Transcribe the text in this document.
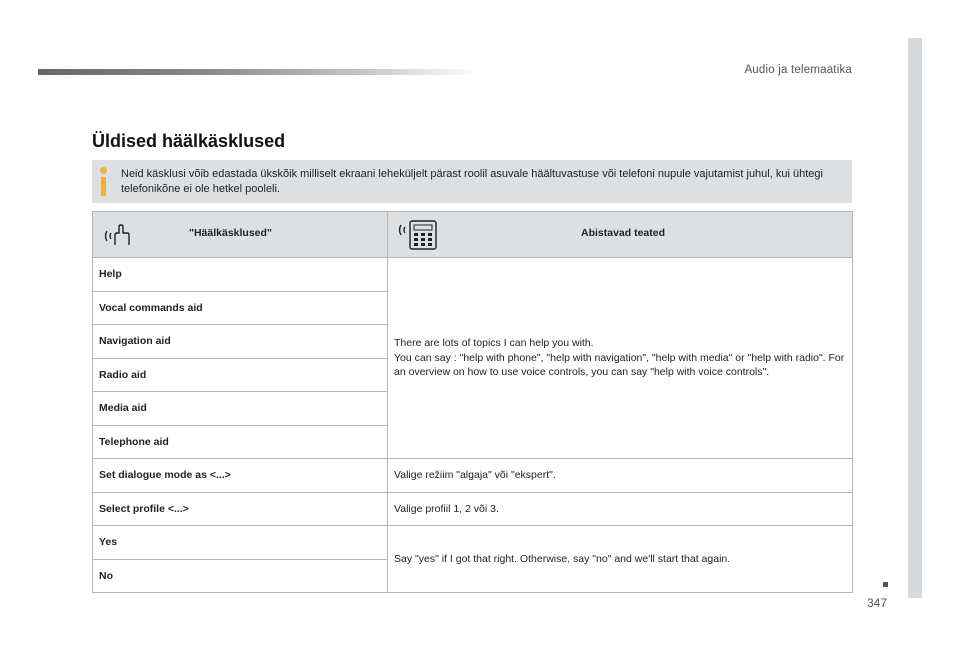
Audio ja telemaatika
347
Üldised häälkäsklused
Neid käsklusi võib edastada ükskõik milliselt ekraani leheküljelt pärast roolil asuvale häältuvastuse või telefoni nupule vajutamist juhul, kui ühtegi telefonikõne ei ole hetkel pooleli.
"Häälkäsklused"	Abistavad teated

Help	There are lots of topics I can help you with.
You can say : "help with phone", "help with navigation", "help with media" or "help with radio". For an overview on how to use voice controls, you can say "help with voice controls".

Vocal commands aid	
Navigation aid	
Radio aid	
Media aid	
Telephone aid	
Set dialogue mode as <...>	Valige režiim "algaja" või "ekspert".
Select profile <...>	Valige profiil 1, 2 või 3.
Yes	Say "yes" if I got that right. Otherwise, say "no" and we'll start that again.
No	
